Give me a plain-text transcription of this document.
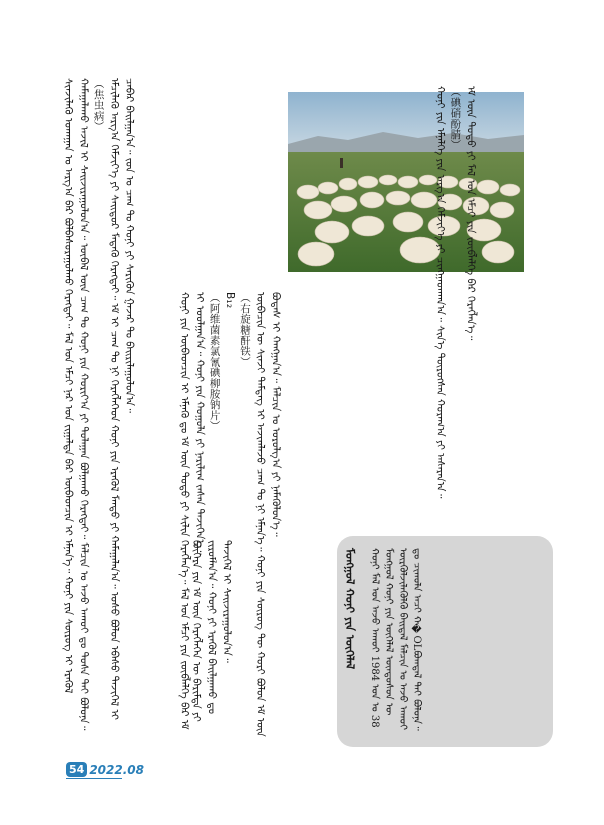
ᠰᠢᠨᠵᠢᠯᠡᠬᠦ ᠤᠬᠠᠭᠠᠨ ᠤ ᠠᠷᠭ᠎ᠠ ᠪᠠᠷ ᠪᠣᠯᠪᠠᠰᠤᠷᠠᠭᠤᠯᠬᠤ ᠬᠡᠷᠡᠭᠲᠡᠢ᠃ ᠮᠠᠯ ᠤᠨ ᠡᠮᠴᠢ ᠨᠠᠷ ᠤᠨ ᠵᠢᠭᠠᠯᠳᠠ ᠪᠠᠷ ᠦᠪᠡᠳᠴᠢᠨ ᠢ ᠡᠮᠨᠡᠨ᠎ᠡ᠃ ᠬᠣᠨᠢ ᠶᠢᠨ ᠰᠦᠷᠦᠭ ᠢ ᠡᠷᠡᠭᠦᠯ ᠬᠠᠮᠠᠭᠠᠯᠠᠬᠤ ᠠᠵᠢᠯ ᠢ ᠰᠠᠢᠵᠢᠷᠠᠭᠤᠯᠤᠨ᠎ᠠ᠃ ᠦᠪᠡᠯ ᠦᠨ ᠴᠠᠭ ᠲᠤ ᠬᠣᠨᠢ ᠶᠢᠨ ᠬᠣᠷᠢᠶ᠎ᠠ ᠶᠢ ᠳᠤᠯᠠᠭᠠᠨ ᠪᠣᠯᠭᠠᠬᠤ ᠬᠡᠷᠡᠭᠲᠡᠢ᠃ ᠮᠠᠯᠴᠢᠨ ᠤ ᠠᠵᠤ ᠠᠬᠤᠢ ᠳᠤ ᠲᠤᠰᠠ ᠲᠠᠢ ᠪᠣᠯᠤᠨᠠ᠃ （焦虫病） ᠡᠮᠴᠢᠯᠡᠬᠦ ᠠᠷᠭ᠎ᠠ ᠬᠡᠮᠵᠢᠶ᠎ᠡ ᠶᠢ ᠰᠠᠢᠲᠤᠷ ᠮᠠᠳᠡᠬᠦ ᠬᠡᠷᠡᠭᠲᠡᠢ᠃ ᠡᠮ ᠢ ᠴᠠᠭ ᠲᠤ ᠨᠢ ᠬᠡᠷᠡᠭᠯᠡᠭᠡᠳ ᠬᠣᠨᠢ ᠶᠢᠨ ᠡᠷᠡᠭᠦᠯ ᠮᠡᠨᠳᠦ ᠶᠢ ᠬᠠᠮᠠᠭᠠᠯᠠᠨ᠎ᠠ᠃ ᠤᠰᠤ ᠪᠣᠯᠤᠨ ᠡᠪᠡᠰᠦ ᠲᠡᠵᠢᠭᠡᠯ ᠢ ᠴᠡᠪᠡᠷ ᠪᠠᠢᠯᠭᠠᠨ᠎ᠠ᠃ ᠵᠤᠨ ᠤ ᠴᠠᠭ ᠲᠤ ᠬᠣᠨᠢ ᠶᠢ ᠰᠡᠷᠢᠭᠦᠨ ᠭᠠᠵᠠᠷ ᠲᠤ ᠪᠠᠢᠷᠢᠯᠠᠭᠤᠯᠤᠨ᠎ᠠ᠃

ᠬᠣᠨᠢ ᠶᠢᠨ ᠦᠪᠡᠳᠴᠢᠨ ᠢ ᠡᠮᠨᠡᠬᠦ ᠳᠤ ᠡᠮ ᠦᠨ ᠲᠣᠳᠤ ᠶᠢ ᠰᠢᠯᠢᠨ ᠬᠡᠷᠡᠭᠯᠡᠨ᠎ᠡ᠃ ᠮᠠᠯ ᠤᠨ ᠡᠮᠴᠢ ᠶᠢᠨ ᠵᠦᠪᠯᠡᠯᠭᠡ ᠪᠡᠷ ᠡᠮ ᠢ ᠤᠤᠯᠭᠠᠨ᠎ᠠ᠃ ᠬᠣᠨᠢ ᠶᠢᠨ ᠬᠣᠭᠣᠯᠠ ᠶᠢ ᠨᠠᠷᠢᠯᠢᠭ ᠵᠠᠰᠠᠨ ᠲᠡᠵᠢᠭᠡᠨ᠎ᠡ᠃ （阿维菌素氯氰碘柳胺钠片） B₁₂ （右旋糖酐铁） ᠥᠪᠡᠴᠢᠨ ᠦ ᠰᠢᠨᠵᠢ ᠲᠡᠮᠳᠡᠭ ᠢ ᠠᠵᠢᠭᠯᠠᠵᠤ ᠴᠠᠭ ᠲᠤ ᠨᠢ ᠡᠮᠨᠡᠨ᠎ᠡ᠃ ᠬᠣᠨᠢ ᠶᠢᠨ ᠰᠦᠷᠦᠭ ᠲᠦ ᠬᠣᠷᠢ ᠪᠣᠯᠤᠨ ᠡᠮ ᠦᠨ ᠪᠣᠳᠠᠰ ᠢ ᠬᠠᠩᠭᠠᠨ᠎ᠠ᠃ ᠮᠠᠯᠴᠢᠨ ᠤ ᠣᠷᠣᠯᠭ᠎ᠠ ᠶᠢ ᠨᠡᠮᠡᠭᠦᠯᠦᠨ᠎ᠡ᠃	ᠬᠣᠨᠢ ᠶᠢᠨ ᠡᠮᠨᠡᠯᠭᠡ ᠶᠢᠨ ᠠᠷᠭ᠎ᠠ ᠬᠡᠮᠵᠢᠶ᠎ᠡ ᠶᠢ ᠴᠢᠩᠭᠠᠳᠬᠠᠨ᠎ᠠ᠃ ᠰᠢᠨ᠎ᠡ ᠲᠦᠷᠦᠭᠰᠡᠨ ᠬᠣᠷᠠᠭ᠎ᠠ ᠶᠢ ᠠᠰᠠᠷᠠᠨ᠎ᠠ᠃ （碘硝酚腈） ᠡᠮ ᠦᠨ ᠲᠣᠳᠤ ᠶᠢ ᠮᠠᠯ ᠤᠨ ᠡᠮᠴᠢ ᠶᠢᠨ ᠵᠦᠪᠯᠡᠯᠭᠡ ᠪᠡᠷ ᠬᠡᠷᠡᠭᠯᠡᠨ᠎ᠡ᠃

ᠪᠥᠭᠡᠷᠡ ᠶᠢᠨ ᠡᠮ ᠦᠨ ᠬᠡᠷᠡᠭᠯᠡᠭᠡᠨ ᠦ ᠪᠠᠷᠢᠮᠳᠠ ᠶᠢ ᠵᠢᠷᠤᠮᠯᠠᠨ᠎ᠠ᠃ ᠬᠣᠨᠢ ᠶᠢ ᠡᠷᠡᠭᠦᠯ ᠪᠠᠢᠯᠭᠠᠬᠤ ᠳᠤ ᠲᠡᠵᠢᠭᠡᠯ ᠢ ᠰᠠᠢᠵᠢᠷᠠᠭᠤᠯᠤᠨ᠎ᠠ᠃	ᠮᠣᠩᠭᠣᠯ ᠬᠣᠨᠢ ᠶᠢᠨ ᠦᠭᠡᠯᠡᠯ ᠬᠣᠨᠢ ᠮᠠᠯ ᠤᠨ ᠠᠵᠤ ᠠᠬᠤᠢ 1984 ᠣᠨ ᠤ 38 ᠮᠣᠩᠭᠣᠯ ᠬᠣᠨᠢ ᠶᠢᠨ ᠦᠭᠡᠯᠡᠯ ᠦᠨᠳᠦᠰᠦᠨ ᠦ ᠦᠷᠭᠦᠯᠵᠢᠯᠡᠭᠦᠯᠬᠦ ᠪᠠᠢᠳᠠᠯ ᠮᠠᠯᠴᠢᠨ ᠤ ᠠᠵᠤ ᠠᠬᠤᠢ ᠳᠤ ᠴᠢᠬᠤᠯᠠ ᠠᠴᠢ ᠬ�OLᠪᠣᠭᠳᠠᠯ ᠲᠠᠢ ᠪᠣᠯᠤᠨᠠ᠃
54 2022.08
